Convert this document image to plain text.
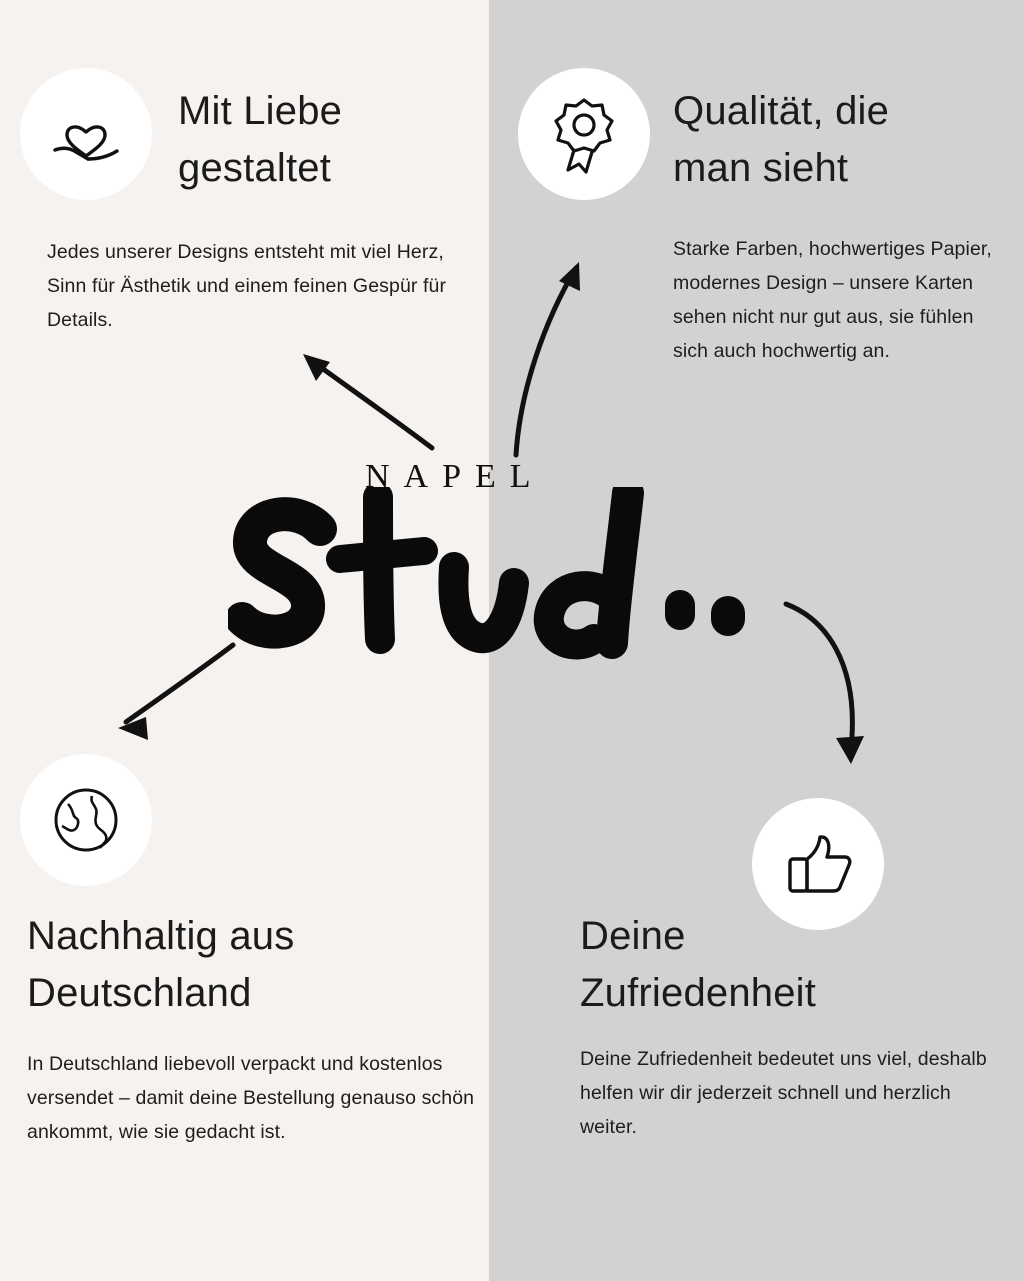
Mit Liebe gestaltet
Jedes unserer Designs entsteht mit viel Herz, Sinn für Ästhetik und einem feinen Gespür für Details.
Qualität, die man sieht
Starke Farben, hochwertiges Papier, modernes Design – unsere Karten sehen nicht nur gut aus, sie fühlen sich auch hochwertig an.
NAPEL
Nachhaltig aus Deutschland
In Deutschland liebevoll verpackt und kostenlos versendet – damit deine Bestellung genauso schön ankommt, wie sie gedacht ist.
Deine Zufriedenheit
Deine Zufriedenheit bedeutet uns viel, deshalb helfen wir dir jederzeit schnell und herzlich weiter.
